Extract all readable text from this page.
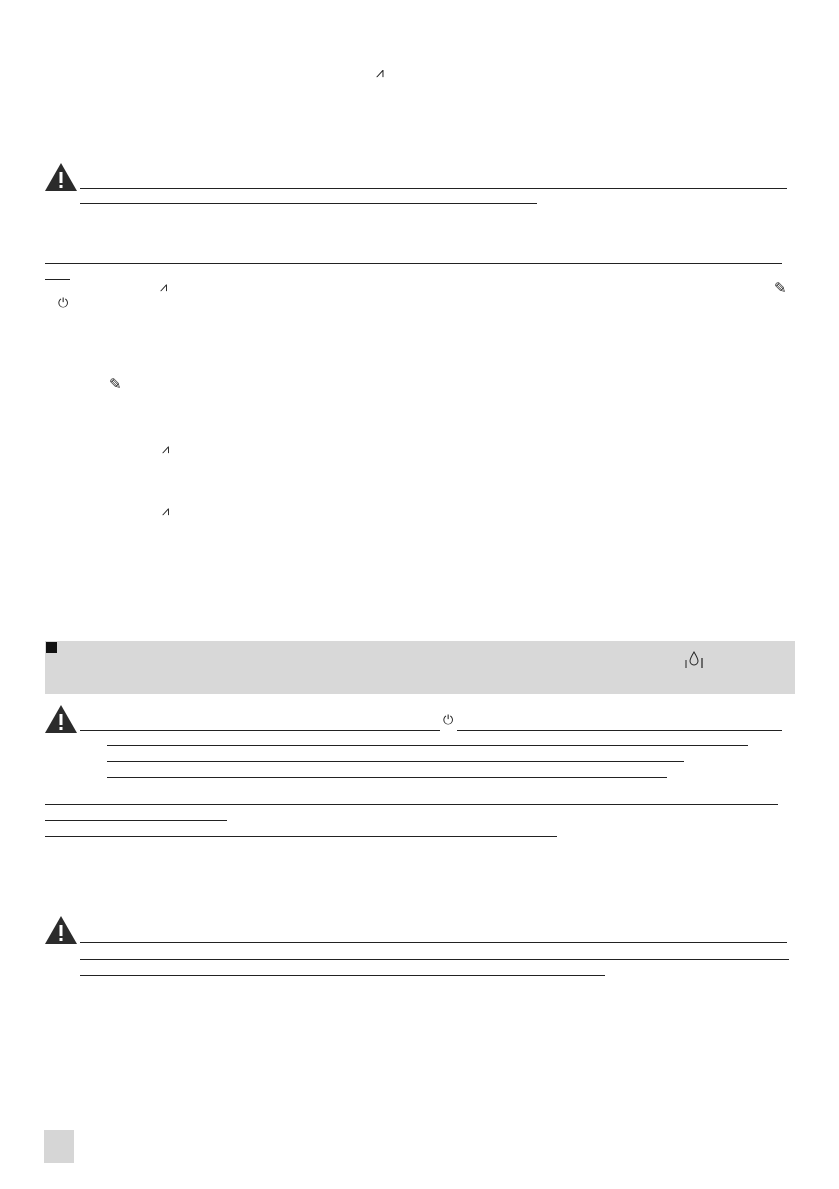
⩘
⩘	✎
⏻
✎
⩘
⩘
⏻
